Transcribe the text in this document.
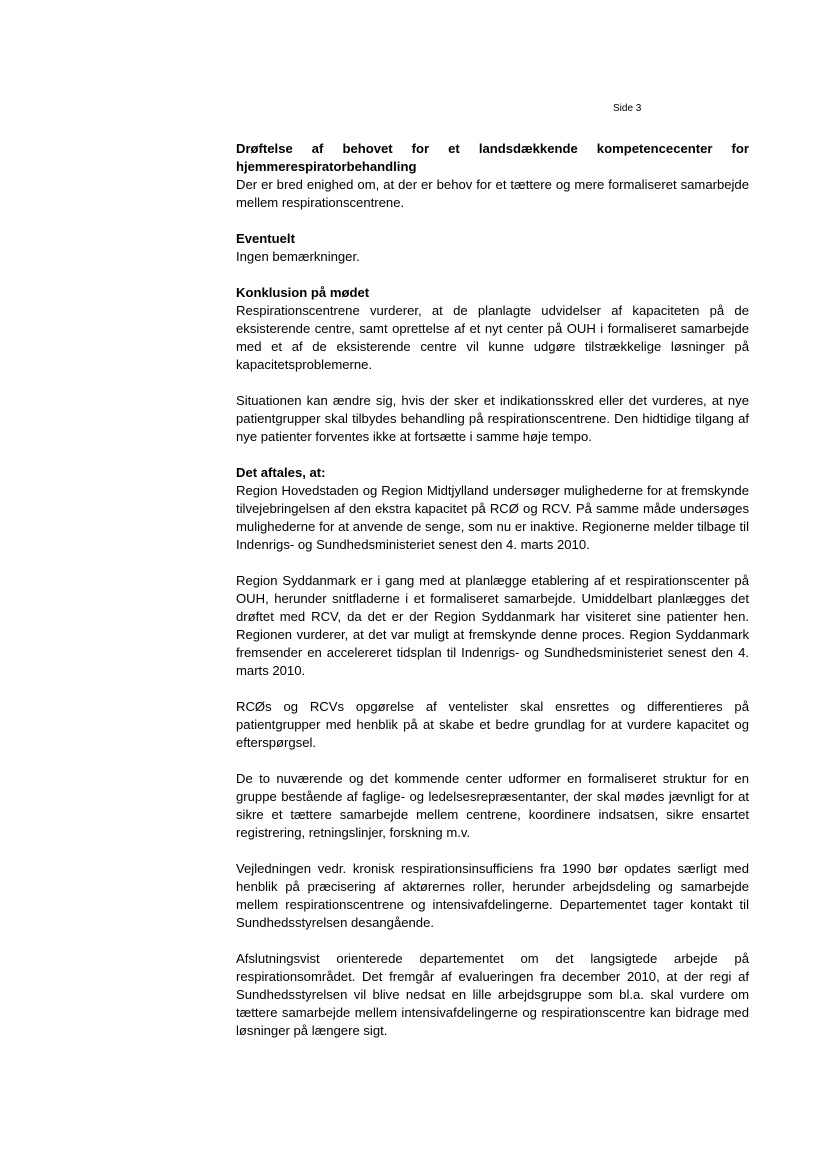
Side 3

Drøftelse af behovet for et landsdækkende kompetencecenter for hjemmerespiratorbehandling

Der er bred enighed om, at der er behov for et tættere og mere formaliseret samarbejde mellem respirationscentrene.

Eventuelt

Ingen bemærkninger.

Konklusion på mødet

Respirationscentrene vurderer, at de planlagte udvidelser af kapaciteten på de eksisterende centre, samt oprettelse af et nyt center på OUH i formaliseret samarbejde med et af de eksisterende centre vil kunne udgøre tilstrækkelige løsninger på kapacitetsproblemerne.

Situationen kan ændre sig, hvis der sker et indikationsskred eller det vurderes, at nye patientgrupper skal tilbydes behandling på respirationscentrene. Den hidtidige tilgang af nye patienter forventes ikke at fortsætte i samme høje tempo.

Det aftales, at:

Region Hovedstaden og Region Midtjylland undersøger mulighederne for at fremskynde tilvejebringelsen af den ekstra kapacitet på RCØ og RCV. På samme måde undersøges mulighederne for at anvende de senge, som nu er inaktive. Regionerne melder tilbage til Indenrigs- og Sundhedsministeriet senest den 4. marts 2010.

Region Syddanmark er i gang med at planlægge etablering af et respirationscenter på OUH, herunder snitfladerne i et formaliseret samarbejde. Umiddelbart planlægges det drøftet med RCV, da det er der Region Syddanmark har visiteret sine patienter hen. Regionen vurderer, at det var muligt at fremskynde denne proces. Region Syddanmark fremsender en accelereret tidsplan til Indenrigs- og Sundhedsministeriet senest den 4. marts 2010.

RCØs og RCVs opgørelse af ventelister skal ensrettes og differentieres på patientgrupper med henblik på at skabe et bedre grundlag for at vurdere kapacitet og efterspørgsel.

De to nuværende og det kommende center udformer en formaliseret struktur for en gruppe bestående af faglige- og ledelsesrepræsentanter, der skal mødes jævnligt for at sikre et tættere samarbejde mellem centrene, koordinere indsatsen, sikre ensartet registrering, retningslinjer, forskning m.v.

Vejledningen vedr. kronisk respirationsinsufficiens fra 1990 bør opdates særligt med henblik på præcisering af aktørernes roller, herunder arbejdsdeling og samarbejde mellem respirationscentrene og intensivafdelingerne. Departementet tager kontakt til Sundhedsstyrelsen desangående.

Afslutningsvist orienterede departementet om det langsigtede arbejde på respirationsområdet. Det fremgår af evalueringen fra december 2010, at der regi af Sundhedsstyrelsen vil blive nedsat en lille arbejdsgruppe som bl.a. skal vurdere om tættere samarbejde mellem intensivafdelingerne og respirationscentre kan bidrage med løsninger på længere sigt.
